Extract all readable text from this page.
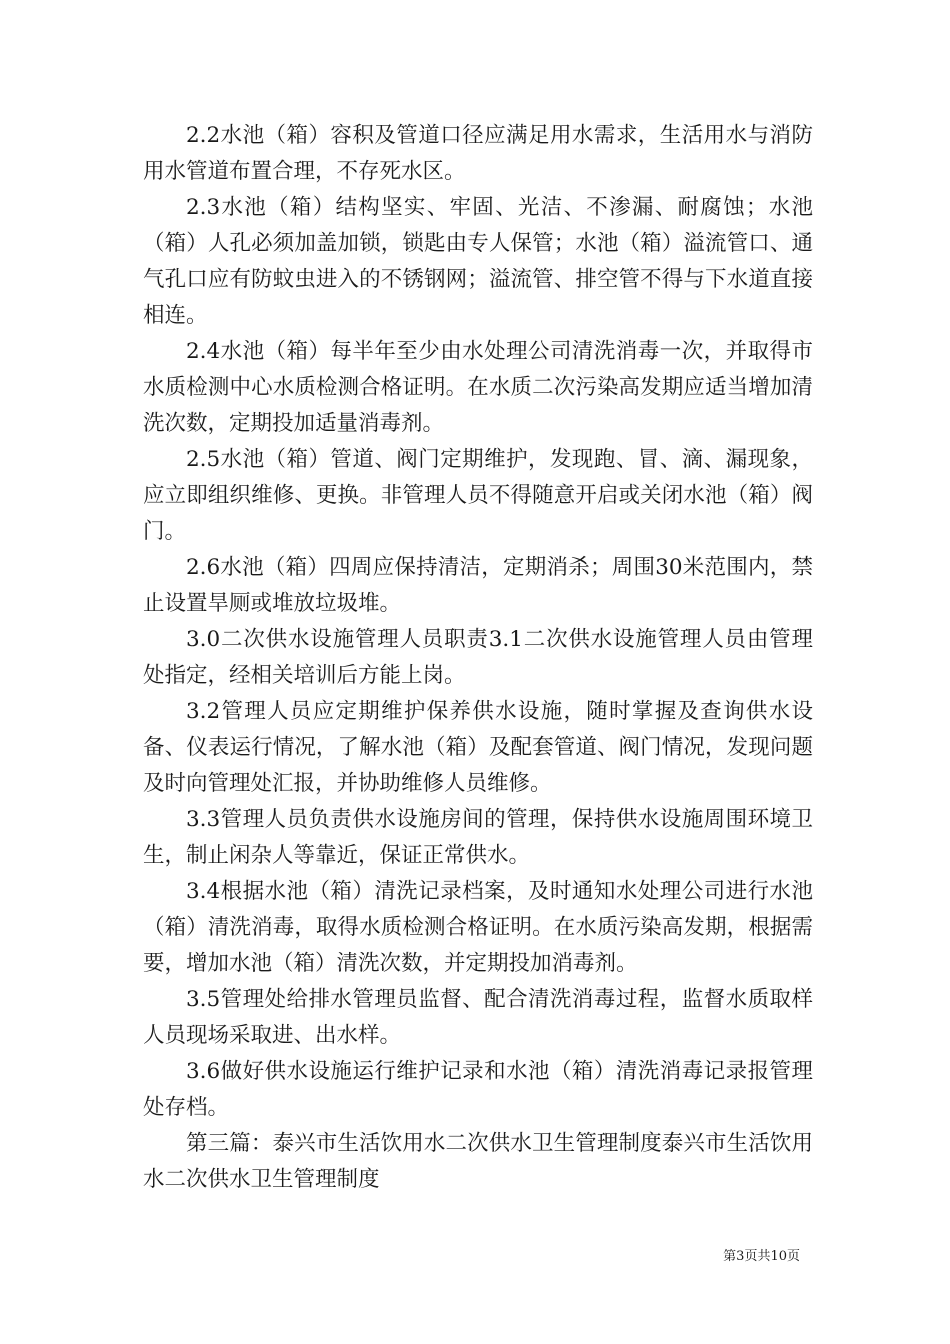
2.2水池（箱）容积及管道口径应满足用水需求，生活用水与消防用水管道布置合理，不存死水区。

2.3水池（箱）结构坚实、牢固、光洁、不渗漏、耐腐蚀；水池（箱）人孔必须加盖加锁，锁匙由专人保管；水池（箱）溢流管口、通气孔口应有防蚊虫进入的不锈钢网；溢流管、排空管不得与下水道直接相连。

2.4水池（箱）每半年至少由水处理公司清洗消毒一次，并取得市水质检测中心水质检测合格证明。在水质二次污染高发期应适当增加清洗次数，定期投加适量消毒剂。

2.5水池（箱）管道、阀门定期维护，发现跑、冒、滴、漏现象，应立即组织维修、更换。非管理人员不得随意开启或关闭水池（箱）阀门。

2.6水池（箱）四周应保持清洁，定期消杀；周围30米范围内，禁止设置旱厕或堆放垃圾堆。

3.0二次供水设施管理人员职责3.1二次供水设施管理人员由管理处指定，经相关培训后方能上岗。

3.2管理人员应定期维护保养供水设施，随时掌握及查询供水设备、仪表运行情况，了解水池（箱）及配套管道、阀门情况，发现问题及时向管理处汇报，并协助维修人员维修。

3.3管理人员负责供水设施房间的管理，保持供水设施周围环境卫生，制止闲杂人等靠近，保证正常供水。

3.4根据水池（箱）清洗记录档案，及时通知水处理公司进行水池（箱）清洗消毒，取得水质检测合格证明。在水质污染高发期，根据需要，增加水池（箱）清洗次数，并定期投加消毒剂。

3.5管理处给排水管理员监督、配合清洗消毒过程，监督水质取样人员现场采取进、出水样。

3.6做好供水设施运行维护记录和水池（箱）清洗消毒记录报管理处存档。

第三篇：泰兴市生活饮用水二次供水卫生管理制度泰兴市生活饮用水二次供水卫生管理制度

第3页共10页
